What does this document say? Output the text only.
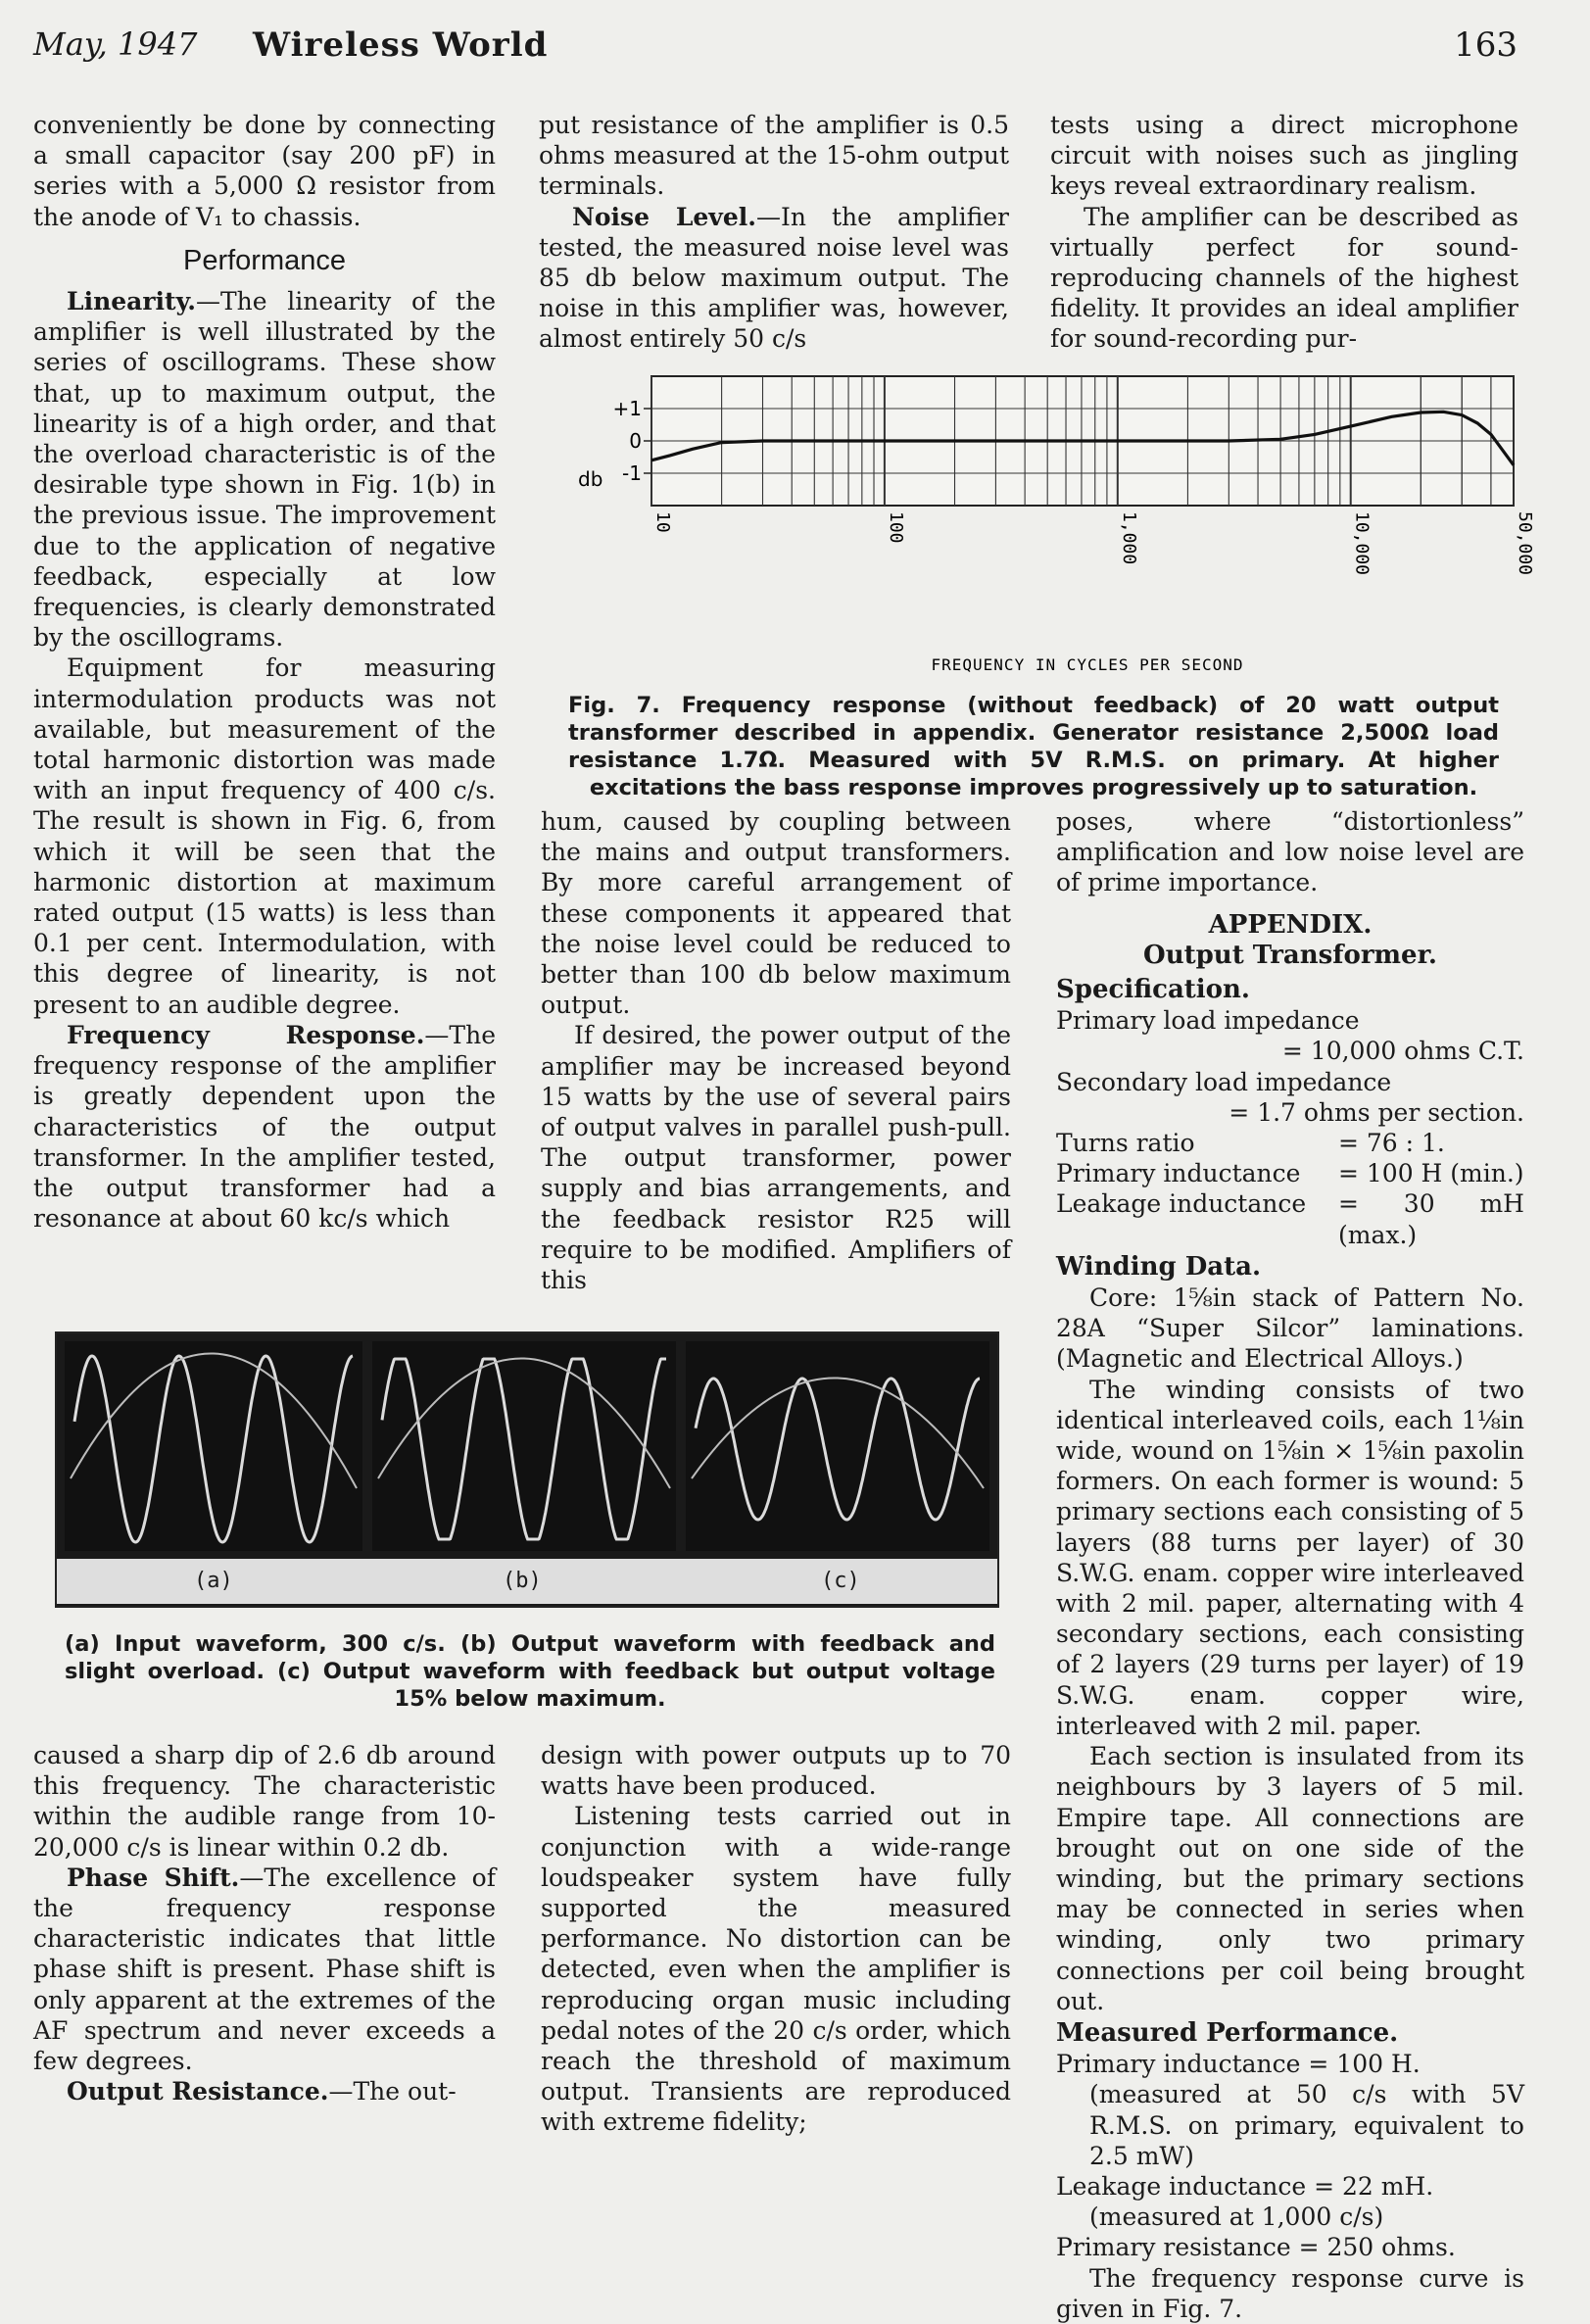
May, 1947 Wireless World	163

conveniently be done by connecting a small capacitor (say 200 pF) in series with a 5,000 Ω resistor from the anode of V₁ to chassis.

Performance

Linearity.—The linearity of the amplifier is well illustrated by the series of oscillograms. These show that, up to maximum output, the linearity is of a high order, and that the overload characteristic is of the desirable type shown in Fig. 1(b) in the previous issue. The improvement due to the application of negative feedback, especially at low frequencies, is clearly demonstrated by the oscillograms.

Equipment for measuring intermodulation products was not available, but measurement of the total harmonic distortion was made with an input frequency of 400 c/s. The result is shown in Fig. 6, from which it will be seen that the harmonic distortion at maximum rated output (15 watts) is less than 0.1 per cent. Intermodulation, with this degree of linearity, is not present to an audible degree.

Frequency Response.—The frequency response of the amplifier is greatly dependent upon the characteristics of the output transformer. In the amplifier tested, the output transformer had a resonance at about 60 kc/s which

put resistance of the amplifier is 0.5 ohms measured at the 15-ohm output terminals.

Noise Level.—In the amplifier tested, the measured noise level was 85 db below maximum output. The noise in this amplifier was, however, almost entirely 50 c/s

tests using a direct microphone circuit with noises such as jingling keys reveal extraordinary realism.

The amplifier can be described as virtually perfect for sound-reproducing channels of the highest fidelity. It provides an ideal amplifier for sound-recording pur-

db
+1
0
-1
10	100	1,000	10,000	50,000
FREQUENCY IN CYCLES PER SECOND
Fig. 7. Frequency response (without feedback) of 20 watt output transformer described in appendix. Generator resistance 2,500Ω load resistance 1.7Ω. Measured with 5V R.M.S. on primary. At higher excitations the bass response improves progressively up to saturation.

hum, caused by coupling between the mains and output transformers. By more careful arrangement of these components it appeared that the noise level could be reduced to better than 100 db below maximum output.

If desired, the power output of the amplifier may be increased beyond 15 watts by the use of several pairs of output valves in parallel push-pull. The output transformer, power supply and bias arrangements, and the feedback resistor R25 will require to be modified. Amplifiers of this

poses, where “distortionless” amplification and low noise level are of prime importance.

APPENDIX.
Output Transformer.
Specification.
Primary load impedance
= 10,000 ohms C.T.
Secondary load impedance
= 1.7 ohms per section.
Turns ratio	= 76 : 1.
Primary inductance = 100 H (min.)
Leakage inductance = 30 mH (max.)
Winding Data.

Core: 1⅝in stack of Pattern No. 28A “Super Silcor” laminations. (Magnetic and Electrical Alloys.)

The winding consists of two identical interleaved coils, each 1⅛in wide, wound on 1⅝in × 1⅝in paxolin formers. On each former is wound: 5 primary sections each consisting of 5 layers (88 turns per layer) of 30 S.W.G. enam. copper wire interleaved with 2 mil. paper, alternating with 4 secondary sections, each consisting of 2 layers (29 turns per layer) of 19 S.W.G. enam. copper wire, interleaved with 2 mil. paper.

Each section is insulated from its neighbours by 3 layers of 5 mil. Empire tape. All connections are brought out on one side of the winding, but the primary sections may be connected in series when winding, only two primary connections per coil being brought out.

Measured Performance.
Primary inductance = 100 H.
(measured at 50 c/s with 5V R.M.S. on primary, equivalent to 2.5 mW)
Leakage inductance = 22 mH.
(measured at 1,000 c/s)
Primary resistance = 250 ohms.

The frequency response curve is given in Fig. 7.

(a)	(b)	(c)
(a) Input waveform, 300 c/s. (b) Output waveform with feedback and slight overload. (c) Output waveform with feedback but output voltage 15% below maximum.

caused a sharp dip of 2.6 db around this frequency. The characteristic within the audible range from 10-20,000 c/s is linear within 0.2 db.

Phase Shift.—The excellence of the frequency response characteristic indicates that little phase shift is present. Phase shift is only apparent at the extremes of the AF spectrum and never exceeds a few degrees.

Output Resistance.—The out-

design with power outputs up to 70 watts have been produced.

Listening tests carried out in conjunction with a wide-range loudspeaker system have fully supported the measured performance. No distortion can be detected, even when the amplifier is reproducing organ music including pedal notes of the 20 c/s order, which reach the threshold of maximum output. Transients are reproduced with extreme fidelity;
